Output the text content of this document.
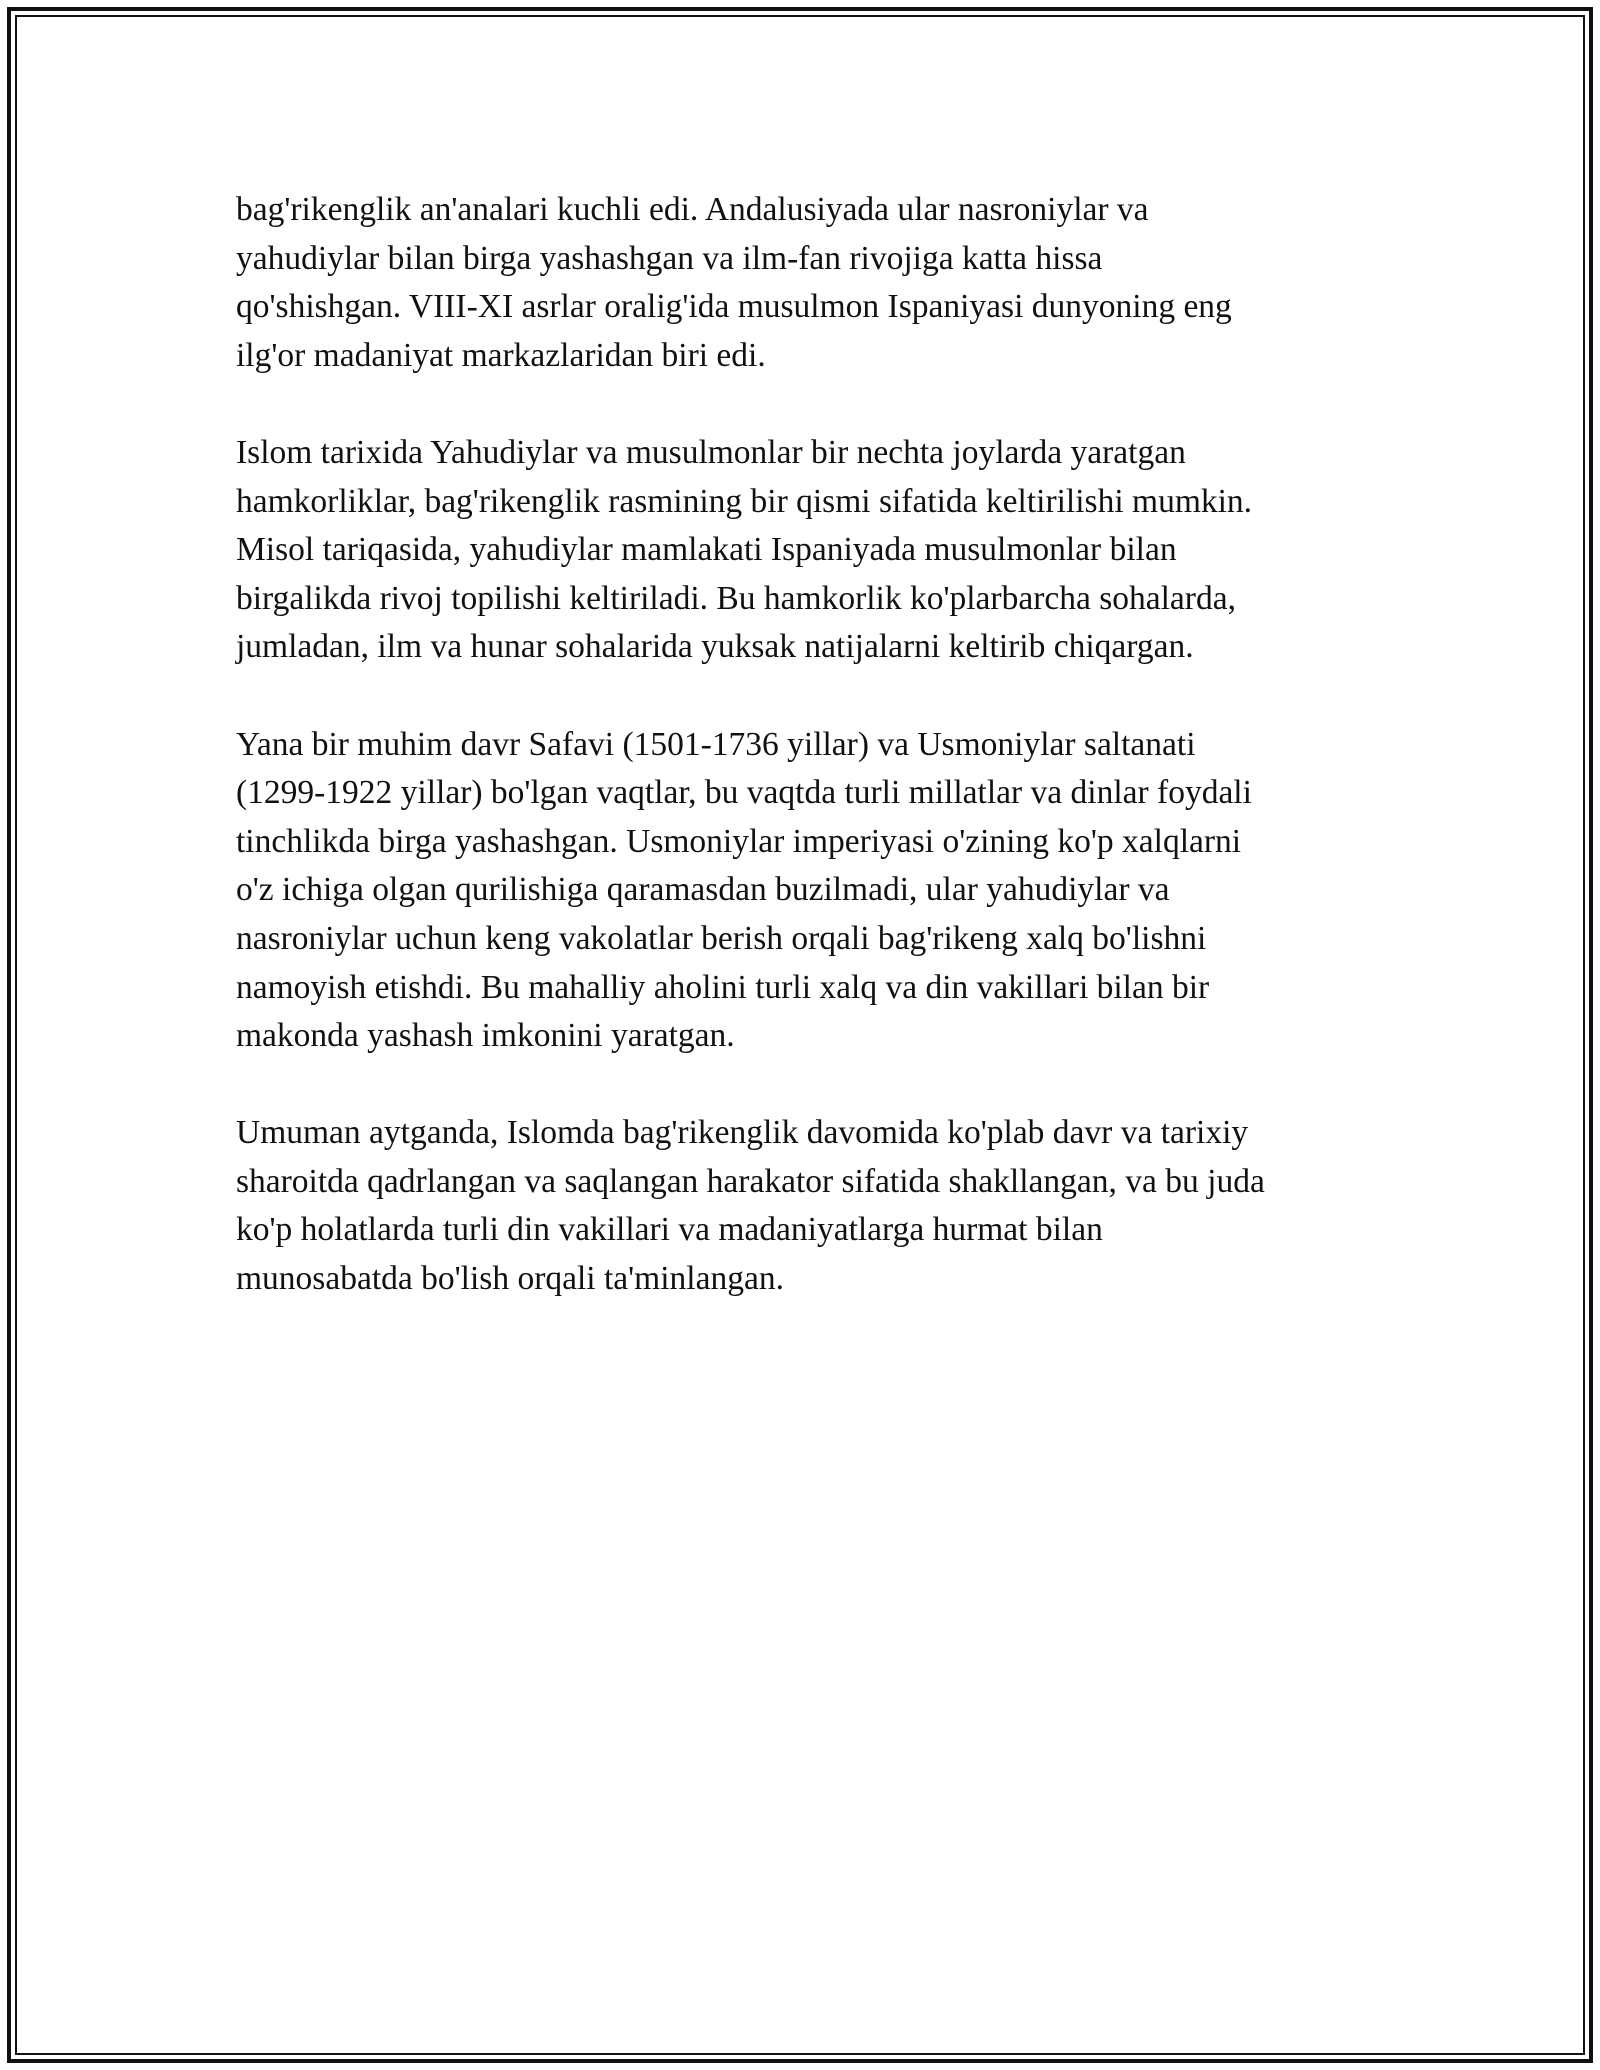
bag'rikenglik an'analari kuchli edi. Andalusiyada ular nasroniylar va
yahudiylar bilan birga yashashgan va ilm-fan rivojiga katta hissa
qo'shishgan. VIII-XI asrlar oralig'ida musulmon Ispaniyasi dunyoning eng
ilg'or madaniyat markazlaridan biri edi.

Islom tarixida Yahudiylar va musulmonlar bir nechta joylarda yaratgan
hamkorliklar, bag'rikenglik rasmining bir qismi sifatida keltirilishi mumkin.
Misol tariqasida, yahudiylar mamlakati Ispaniyada musulmonlar bilan
birgalikda rivoj topilishi keltiriladi. Bu hamkorlik ko'plarbarcha sohalarda,
jumladan, ilm va hunar sohalarida yuksak natijalarni keltirib chiqargan.

Yana bir muhim davr Safavi (1501-1736 yillar) va Usmoniylar saltanati
(1299-1922 yillar) bo'lgan vaqtlar, bu vaqtda turli millatlar va dinlar foydali
tinchlikda birga yashashgan. Usmoniylar imperiyasi o'zining ko'p xalqlarni
o'z ichiga olgan qurilishiga qaramasdan buzilmadi, ular yahudiylar va
nasroniylar uchun keng vakolatlar berish orqali bag'rikeng xalq bo'lishni
namoyish etishdi. Bu mahalliy aholini turli xalq va din vakillari bilan bir
makonda yashash imkonini yaratgan.

Umuman aytganda, Islomda bag'rikenglik davomida ko'plab davr va tarixiy
sharoitda qadrlangan va saqlangan harakator sifatida shakllangan, va bu juda
ko'p holatlarda turli din vakillari va madaniyatlarga hurmat bilan
munosabatda bo'lish orqali ta'minlangan.
